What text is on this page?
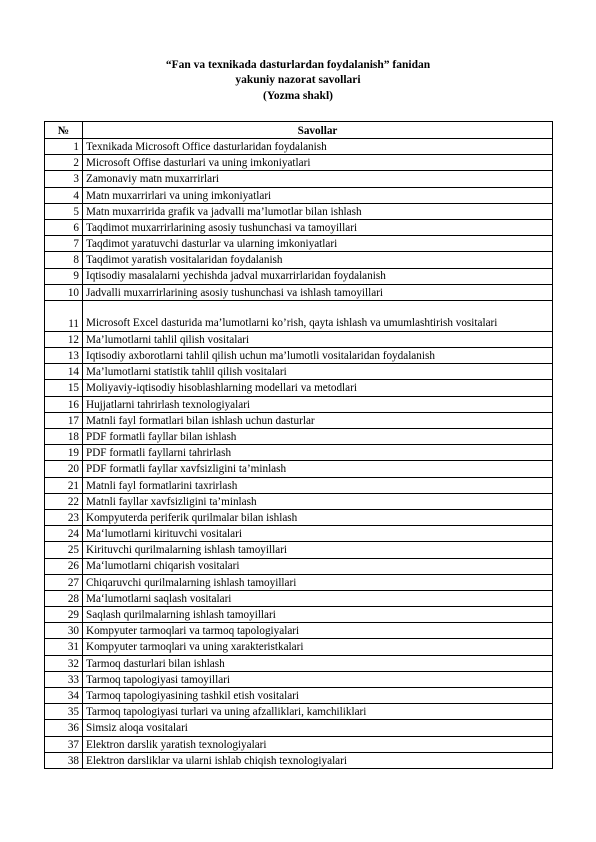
“Fan va texnikada dasturlardan foydalanish” fanidan
yakuniy nazorat savollari
(Yozma shakl)
№	Savollar
1	Texnikada Microsoft Office dasturlaridan foydalanish
2	Microsoft Offise dasturlari va uning imkoniyatlari
3	Zamonaviy matn muxarrirlari
4	Matn muxarrirlari va uning imkoniyatlari
5	Matn muxarririda grafik va jadvalli ma’lumotlar bilan ishlash
6	Taqdimot muxarrirlarining asosiy tushunchasi va tamoyillari
7	Taqdimot yaratuvchi dasturlar va ularning imkoniyatlari
8	Taqdimot yaratish vositalaridan foydalanish
9	Iqtisodiy masalalarni yechishda jadval muxarrirlaridan foydalanish
10	Jadvalli muxarrirlarining asosiy tushunchasi va ishlash tamoyillari
11	Microsoft Excel dasturida ma’lumotlarni ko’rish, qayta ishlash va umumlashtirish vositalari
12	Ma’lumotlarni tahlil qilish vositalari
13	Iqtisodiy axborotlarni tahlil qilish uchun ma’lumotli vositalaridan foydalanish
14	Ma’lumotlarni statistik tahlil qilish vositalari
15	Moliyaviy-iqtisodiy hisoblashlarning modellari va metodlari
16	Hujjatlarni tahrirlash texnologiyalari
17	Matnli fayl formatlari bilan ishlash uchun dasturlar
18	PDF formatli fayllar bilan ishlash
19	PDF formatli fayllarni tahrirlash
20	PDF formatli fayllar xavfsizligini ta’minlash
21	Matnli fayl formatlarini taxrirlash
22	Matnli fayllar xavfsizligini ta’minlash
23	Kompyuterda periferik qurilmalar bilan ishlash
24	Ma‘lumotlarni kirituvchi vositalari
25	Kirituvchi qurilmalarning ishlash tamoyillari
26	Ma‘lumotlarni chiqarish vositalari
27	Chiqaruvchi qurilmalarning ishlash tamoyillari
28	Ma‘lumotlarni saqlash vositalari
29	Saqlash qurilmalarning ishlash tamoyillari
30	Kompyuter tarmoqlari va tarmoq tapologiyalari
31	Kompyuter tarmoqlari va uning xarakteristkalari
32	Tarmoq dasturlari bilan ishlash
33	Tarmoq tapologiyasi tamoyillari
34	Tarmoq tapologiyasining tashkil etish vositalari
35	Tarmoq tapologiyasi turlari va uning afzalliklari, kamchiliklari
36	Simsiz aloqa vositalari
37	Elektron darslik yaratish texnologiyalari
38	Elektron darsliklar va ularni ishlab chiqish texnologiyalari
